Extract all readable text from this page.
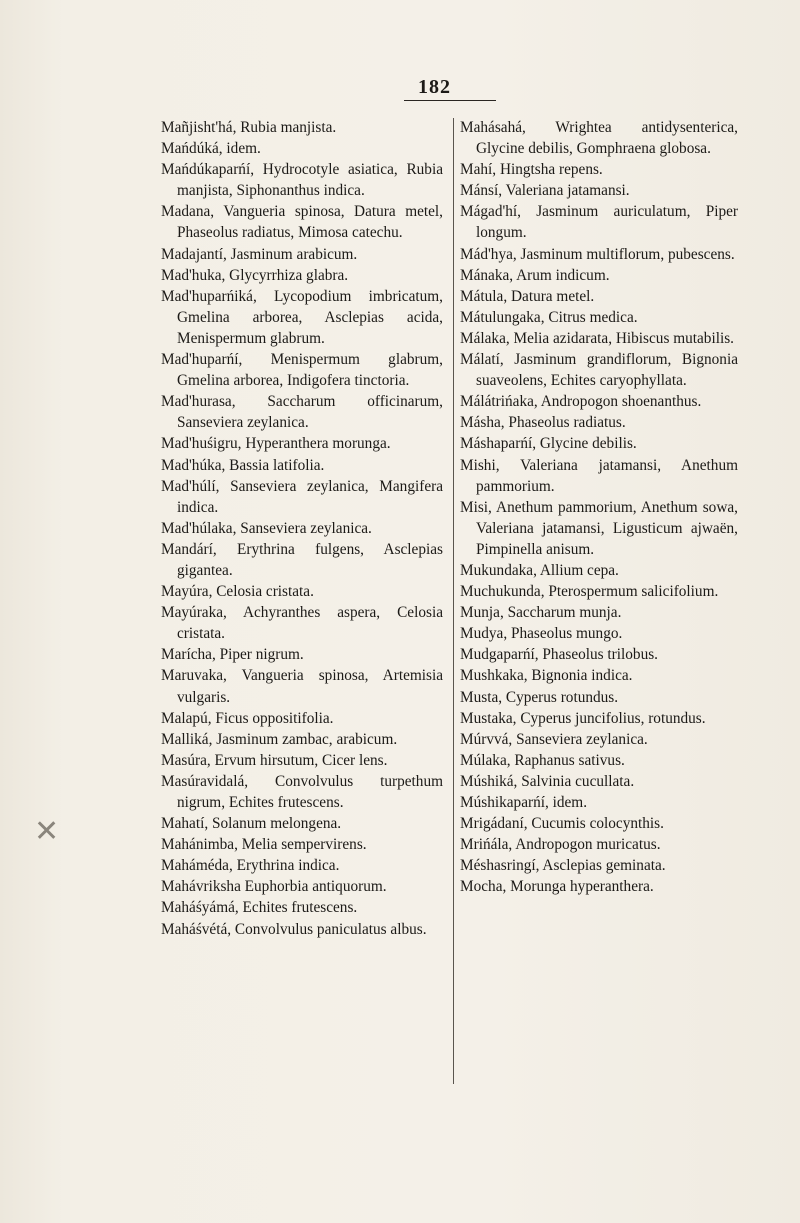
182
✕

Mañjisht'há, Rubia manjista.

Mańdúká, idem.

Mańdúkaparńí, Hydrocotyle asiatica, Rubia manjista, Siphonanthus indica.

Madana, Vangueria spinosa, Datura metel, Phaseolus radiatus, Mimosa catechu.

Madajantí, Jasminum arabicum.

Mad'huka, Glycyrrhiza glabra.

Mad'huparńiká, Lycopodium imbricatum, Gmelina arborea, Asclepias acida, Menispermum glabrum.

Mad'huparńí, Menispermum glabrum, Gmelina arborea, Indigofera tinctoria.

Mad'hurasa, Saccharum officinarum, Sanseviera zeylanica.

Mad'huśigru, Hyperanthera morunga.

Mad'húka, Bassia latifolia.

Mad'húlí, Sanseviera zeylanica, Mangifera indica.

Mad'húlaka, Sanseviera zeylanica.

Mandárí, Erythrina fulgens, Asclepias gigantea.

Mayúra, Celosia cristata.

Mayúraka, Achyranthes aspera, Celosia cristata.

Marícha, Piper nigrum.

Maruvaka, Vangueria spinosa, Artemisia vulgaris.

Malapú, Ficus oppositifolia.

Malliká, Jasminum zambac, arabicum.

Masúra, Ervum hirsutum, Cicer lens.

Masúravidalá, Convolvulus turpethum nigrum, Echites frutescens.

Mahatí, Solanum melongena.

Mahánimba, Melia sempervirens.

Mahámédа, Erythrina indica.

Mahávriksha Euphorbia antiquorum.

Maháśyámá, Echites frutescens.

Maháśvétá, Convolvulus paniculatus albus.

Mahásahá, Wrightea antidysenterica, Glycine debilis, Gomphraena globosa.

Mahí, Hingtsha repens.

Mánsí, Valeriana jatamansi.

Mágad'hí, Jasminum auriculatum, Piper longum.

Mád'hya, Jasminum multiflorum, pubescens.

Mánaka, Arum indicum.

Mátula, Datura metel.

Mátulungaka, Citrus medica.

Málaka, Melia azidarata, Hibiscus mutabilis.

Málatí, Jasminum grandiflorum, Bignonia suaveolens, Echites caryophyllata.

Málátrińaka, Andropogon shoenanthus.

Másha, Phaseolus radiatus.

Máshaparńí, Glycine debilis.

Mishi, Valeriana jatamansi, Anethum pammorium.

Misi, Anethum pammorium, Anethum sowa, Valeriana jatamansi, Ligusticum ajwaën, Pimpinella anisum.

Mukundaka, Allium cepa.

Muchukunda, Pterospermum salicifolium.

Munja, Saccharum munja.

Mudya, Phaseolus mungo.

Mudgaparńí, Phaseolus trilobus.

Mushkaka, Bignonia indica.

Musta, Cyperus rotundus.

Mustaka, Cyperus juncifolius, rotundus.

Múrvvá, Sanseviera zeylanica.

Múlaka, Raphanus sativus.

Múshiká, Salvinia cucullata.

Múshikaparńí, idem.

Mrigádaní, Cucumis colocynthis.

Mrińála, Andropogon muricatus.

Méshasringí, Asclepias geminata.

Mocha, Morunga hyperanthera.
